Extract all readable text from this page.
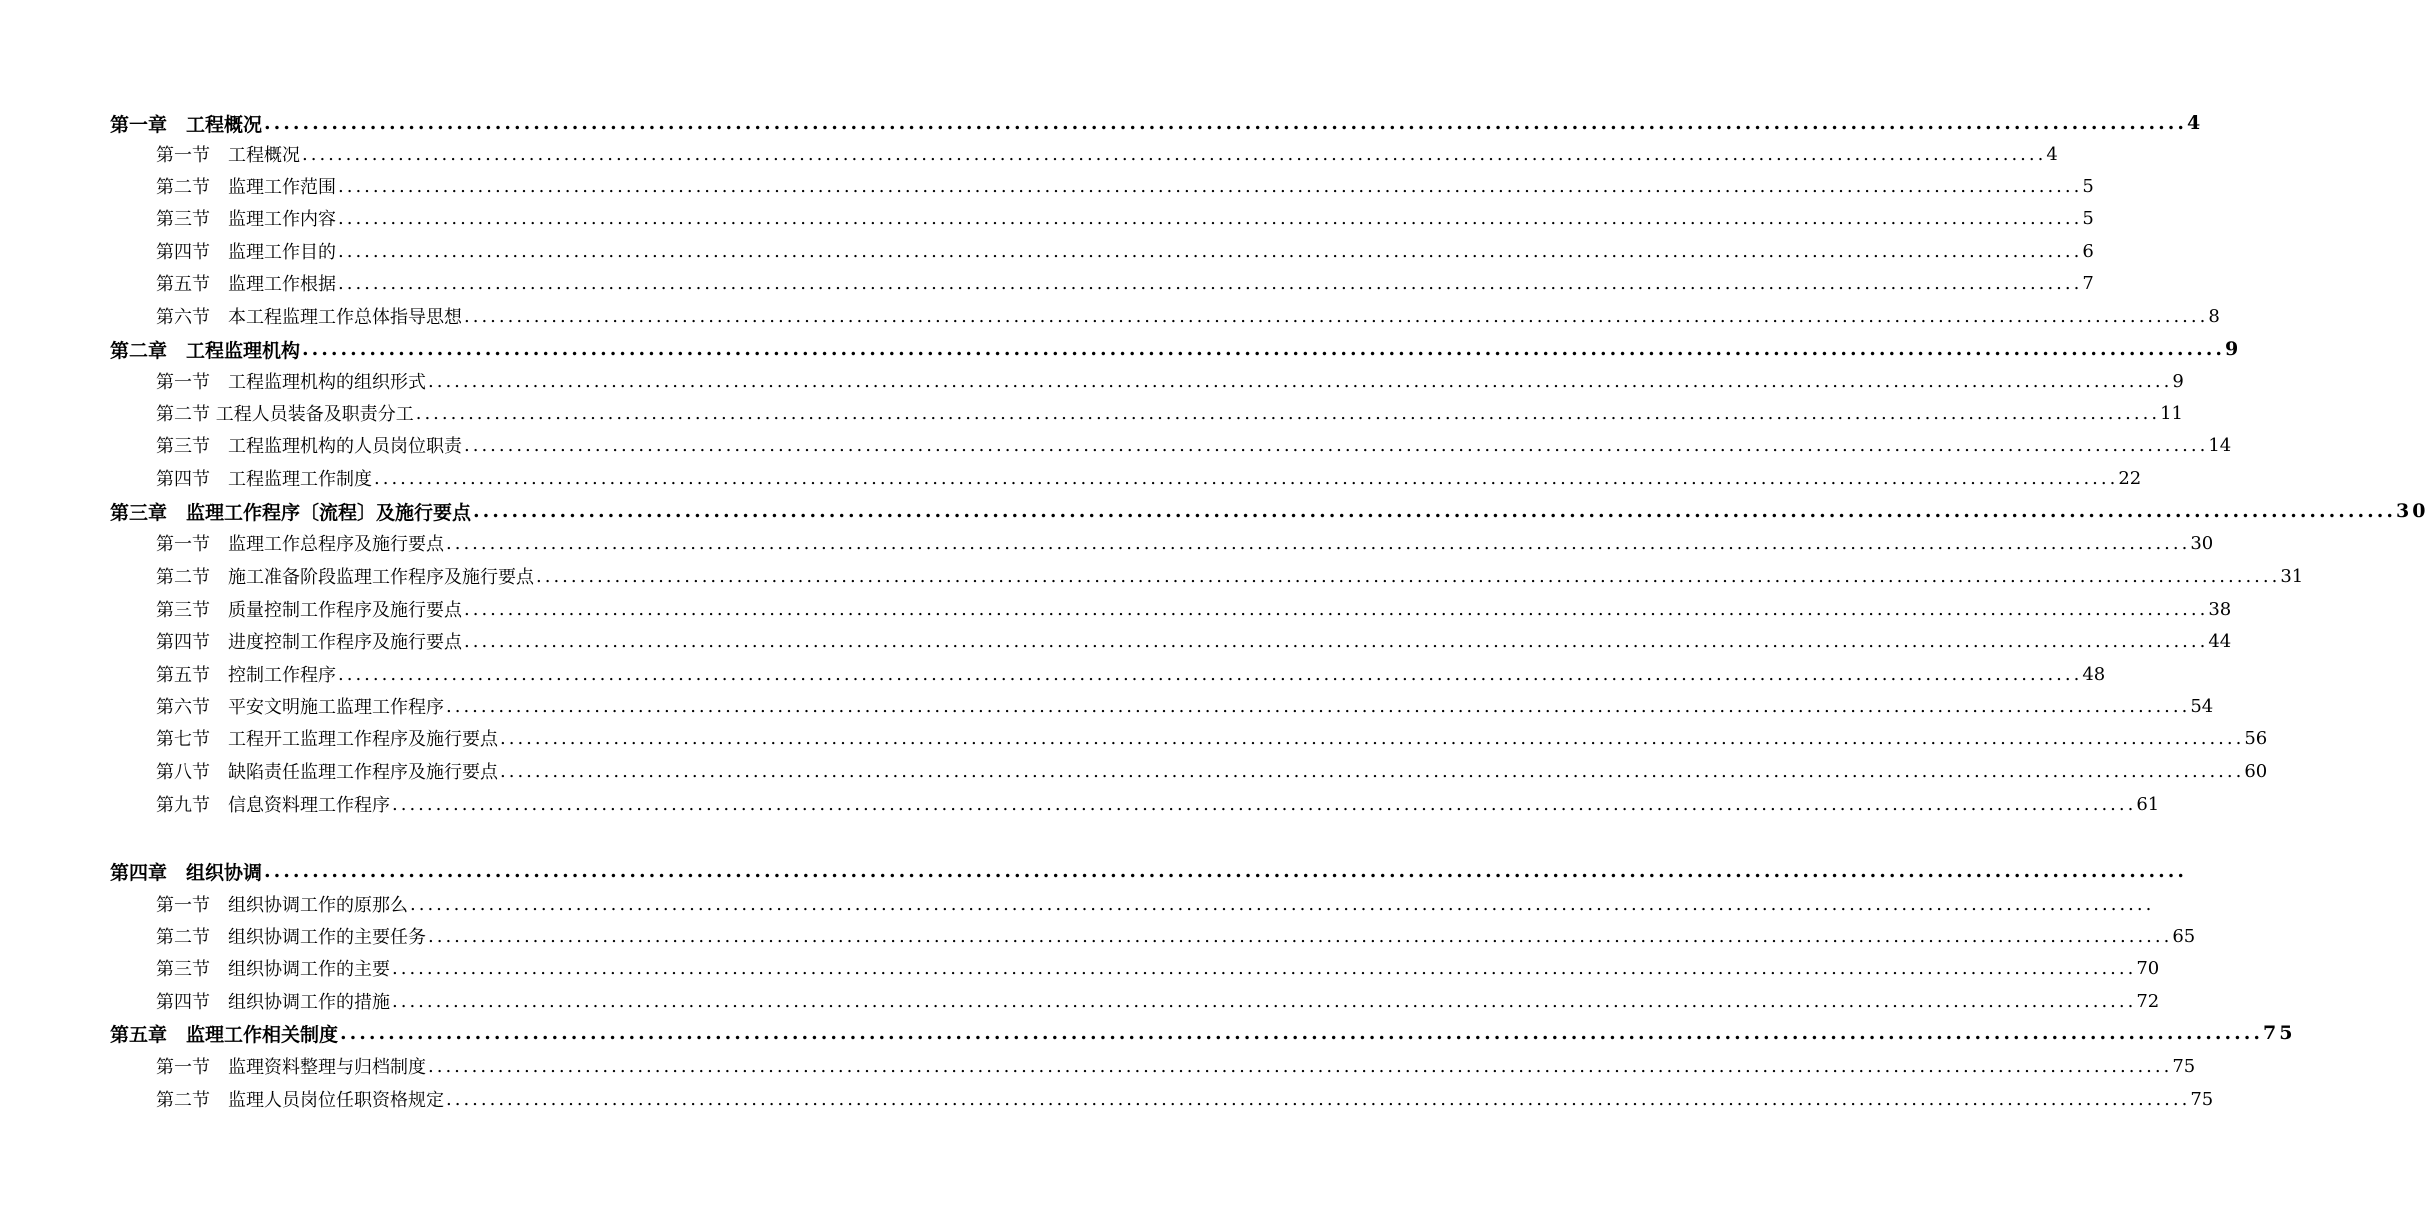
第一章　工程概况 ........................................................................................................................................................................................................ 4
第一节　工程概况 ........................................................................................................................................................................................................ 4
第二节　监理工作范围 ........................................................................................................................................................................................................ 5
第三节　监理工作内容 ........................................................................................................................................................................................................ 5
第四节　监理工作目的 ........................................................................................................................................................................................................ 6
第五节　监理工作根据 ........................................................................................................................................................................................................ 7
第六节　本工程监理工作总体指导思想 ........................................................................................................................................................................................................ 8
第二章　工程监理机构 ........................................................................................................................................................................................................ 9
第一节　工程监理机构的组织形式 ........................................................................................................................................................................................................ 9
第二节 工程人员装备及职责分工 ........................................................................................................................................................................................................ 11
第三节　工程监理机构的人员岗位职责 ........................................................................................................................................................................................................ 14
第四节　工程监理工作制度 ........................................................................................................................................................................................................ 22
第三章　监理工作程序〔流程〕及施行要点 ........................................................................................................................................................................................................ 30
第一节　监理工作总程序及施行要点 ........................................................................................................................................................................................................ 30
第二节　施工准备阶段监理工作程序及施行要点 ........................................................................................................................................................................................................ 31
第三节　质量控制工作程序及施行要点 ........................................................................................................................................................................................................ 38
第四节　进度控制工作程序及施行要点 ........................................................................................................................................................................................................ 44
第五节　控制工作程序 ........................................................................................................................................................................................................ 48
第六节　平安文明施工监理工作程序 ........................................................................................................................................................................................................ 54
第七节　工程开工监理工作程序及施行要点 ........................................................................................................................................................................................................ 56
第八节　缺陷责任监理工作程序及施行要点 ........................................................................................................................................................................................................ 60
第九节　信息资料理工作程序 ........................................................................................................................................................................................................ 61
第四章　组织协调 ........................................................................................................................................................................................................
第一节　组织协调工作的原那么 ........................................................................................................................................................................................................
第二节　组织协调工作的主要任务 ........................................................................................................................................................................................................ 65
第三节　组织协调工作的主要 ........................................................................................................................................................................................................ 70
第四节　组织协调工作的措施 ........................................................................................................................................................................................................ 72
第五章　监理工作相关制度 ........................................................................................................................................................................................................ 75
第一节　监理资料整理与归档制度 ........................................................................................................................................................................................................ 75
第二节　监理人员岗位任职资格规定 ........................................................................................................................................................................................................ 75
